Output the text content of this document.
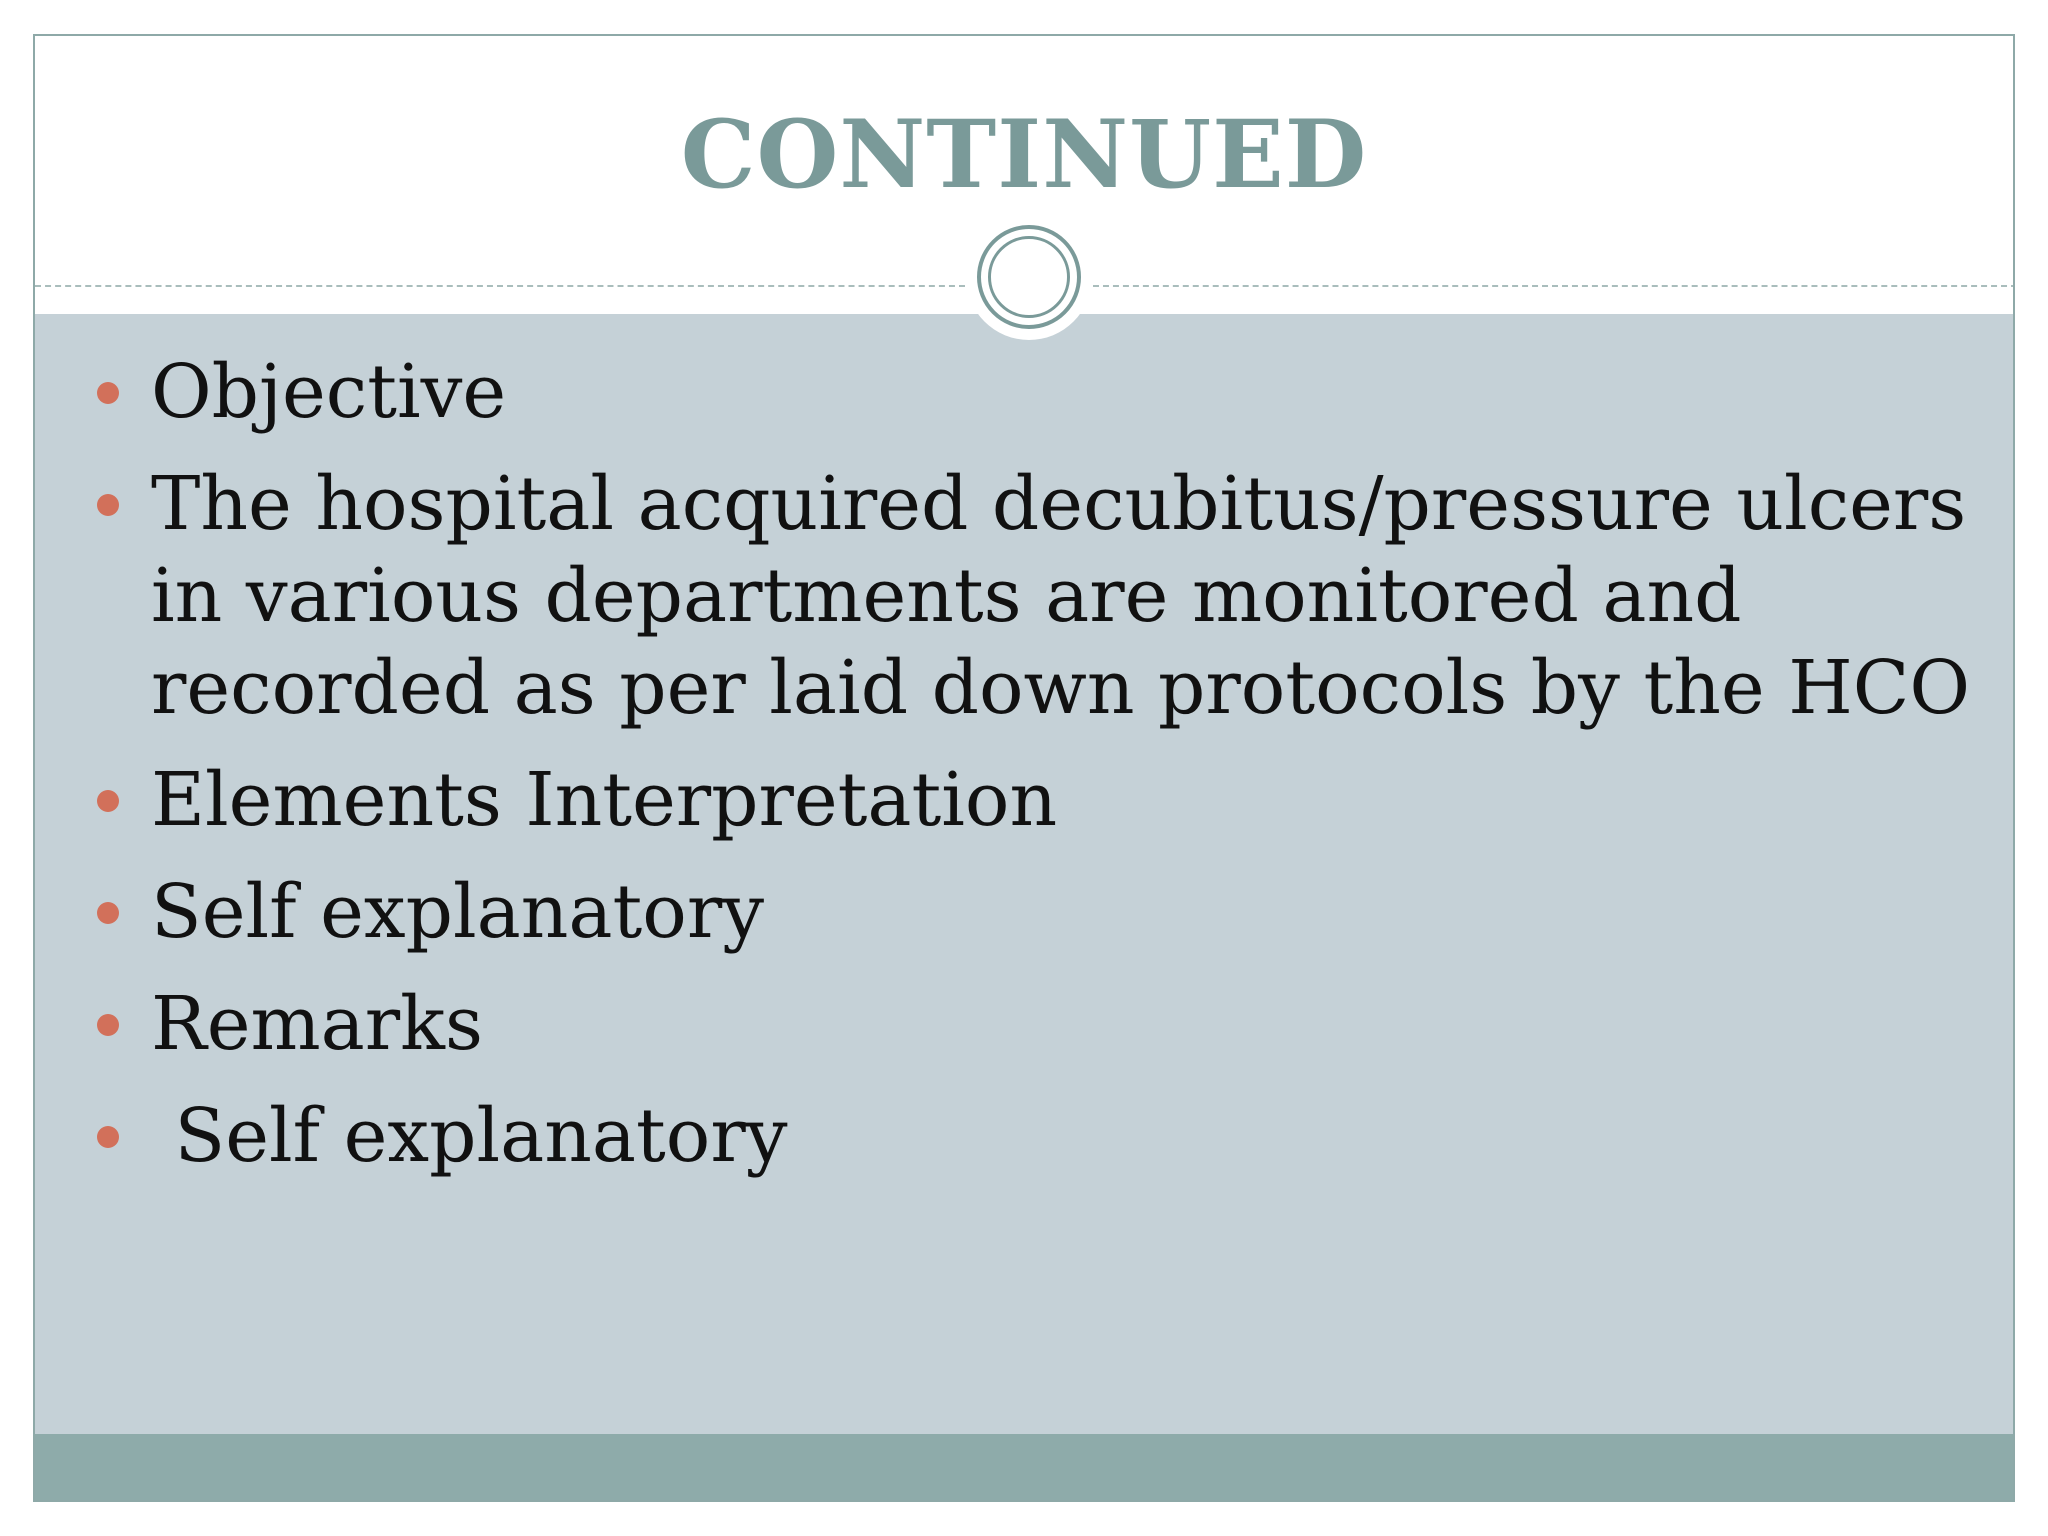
CONTINUED
Objective
The hospital acquired decubitus/pressure ulcers in various departments are monitored and recorded as per laid down protocols by the HCO
Elements Interpretation
Self explanatory
Remarks
Self explanatory
